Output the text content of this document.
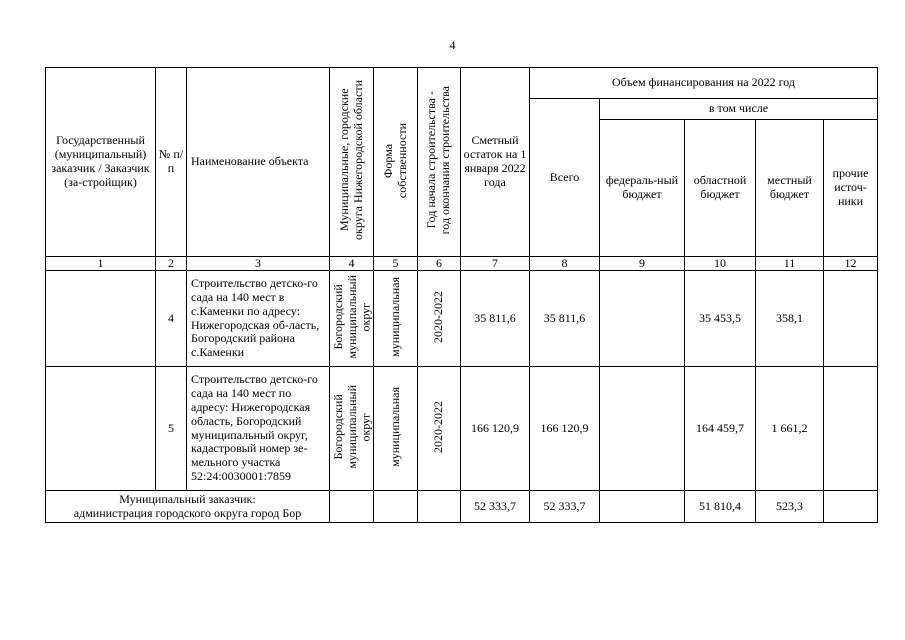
4
Государственный (муниципальный) заказчик / Заказчик (за-стройщик)	№ п/п	Наименование объекта	Муниципальные, городские
округа Нижегородской области	Форма
собственности	Год начала строительства -
год окончания строительства	Сметный остаток на 1 января 2022 года	Объем финансирования на 2022 год				
							Всего	в том числе			
								федераль-ный бюджет	областной бюджет	местный бюджет	прочие источ-ники
1	2	3	4	5	6	7	8	9	10	11	12
	4	Строительство детско-го сада на 140 мест в с.Каменки по адресу: Нижегородская об-ласть, Богородский района с.Каменки	Богородский
муниципальный
округ	муниципальная	2020-2022	35 811,6	35 811,6		35 453,5	358,1	
	5	Строительство детско-го сада на 140 мест по адресу: Нижегородская область, Богородский муниципальный округ, кадастровый номер зе-мельного участка 52:24:0030001:7859	Богородский
муниципальный
округ	муниципальная	2020-2022	166 120,9	166 120,9		164 459,7	1 661,2	
Муниципальный заказчик:
администрация городского округа город Бор						52 333,7	52 333,7		51 810,4	523,3	
